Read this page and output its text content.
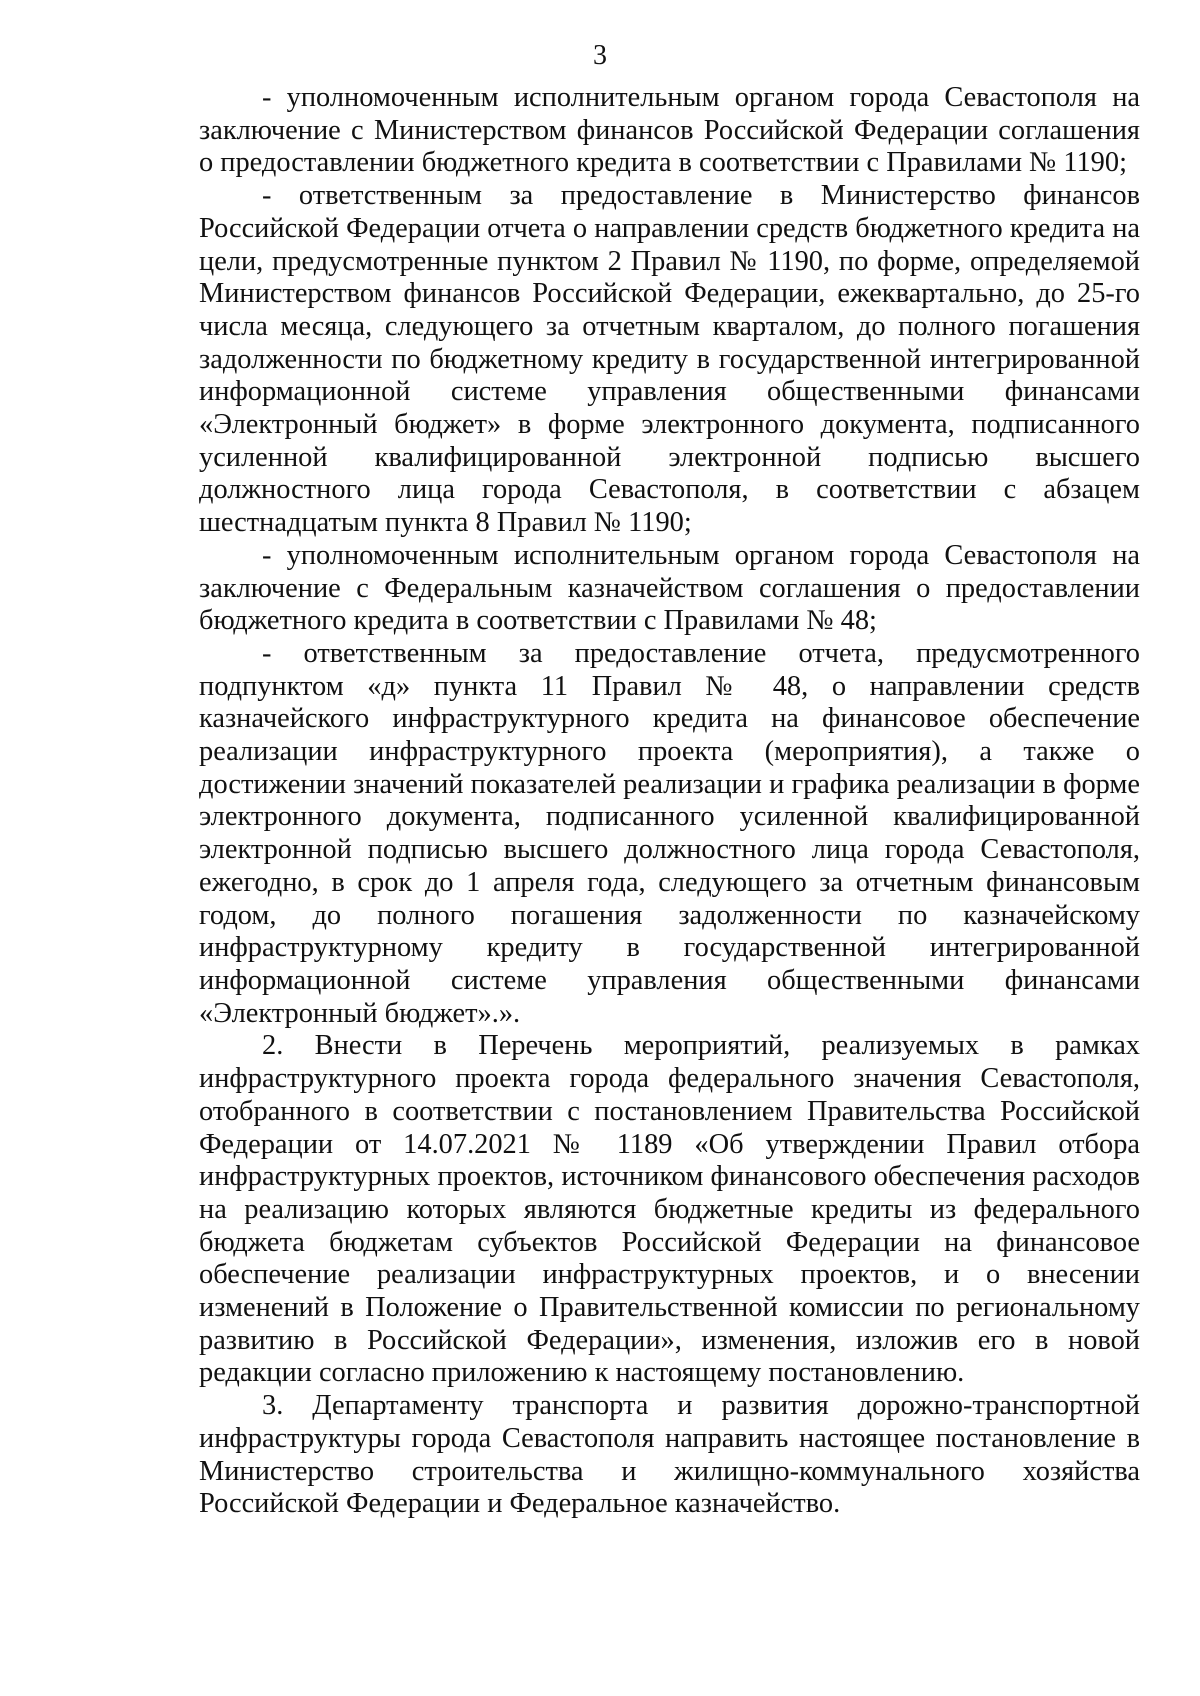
3

- уполномоченным исполнительным органом города Севастополя на заключение с Министерством финансов Российской Федерации соглашения о предоставлении бюджетного кредита в соответствии с Правилами № 1190;

- ответственным за предоставление в Министерство финансов Российской Федерации отчета о направлении средств бюджетного кредита на цели, предусмотренные пунктом 2 Правил № 1190, по форме, определяемой Министерством финансов Российской Федерации, ежеквартально, до 25-го числа месяца, следующего за отчетным кварталом, до полного погашения задолженности по бюджетному кредиту в государственной интегрированной информационной системе управления общественными финансами «Электронный бюджет» в форме электронного документа, подписанного усиленной квалифицированной электронной подписью высшего должностного лица города Севастополя, в соответствии с абзацем шестнадцатым пункта 8 Правил № 1190;

- уполномоченным исполнительным органом города Севастополя на заключение с Федеральным казначейством соглашения о предоставлении бюджетного кредита в соответствии с Правилами № 48;

- ответственным за предоставление отчета, предусмотренного подпунктом «д» пункта 11 Правил № 48, о направлении средств казначейского инфраструктурного кредита на финансовое обеспечение реализации инфраструктурного проекта (мероприятия), а также о достижении значений показателей реализации и графика реализации в форме электронного документа, подписанного усиленной квалифицированной электронной подписью высшего должностного лица города Севастополя, ежегодно, в срок до 1 апреля года, следующего за отчетным финансовым годом, до полного погашения задолженности по казначейскому инфраструктурному кредиту в государственной интегрированной информационной системе управления общественными финансами «Электронный бюджет».».

2. Внести в Перечень мероприятий, реализуемых в рамках инфраструктурного проекта города федерального значения Севастополя, отобранного в соответствии с постановлением Правительства Российской Федерации от 14.07.2021 № 1189 «Об утверждении Правил отбора инфраструктурных проектов, источником финансового обеспечения расходов на реализацию которых являются бюджетные кредиты из федерального бюджета бюджетам субъектов Российской Федерации на финансовое обеспечение реализации инфраструктурных проектов, и о внесении изменений в Положение о Правительственной комиссии по региональному развитию в Российской Федерации», изменения, изложив его в новой редакции согласно приложению к настоящему постановлению.

3. Департаменту транспорта и развития дорожно-транспортной инфраструктуры города Севастополя направить настоящее постановление в Министерство строительства и жилищно-коммунального хозяйства Российской Федерации и Федеральное казначейство.
